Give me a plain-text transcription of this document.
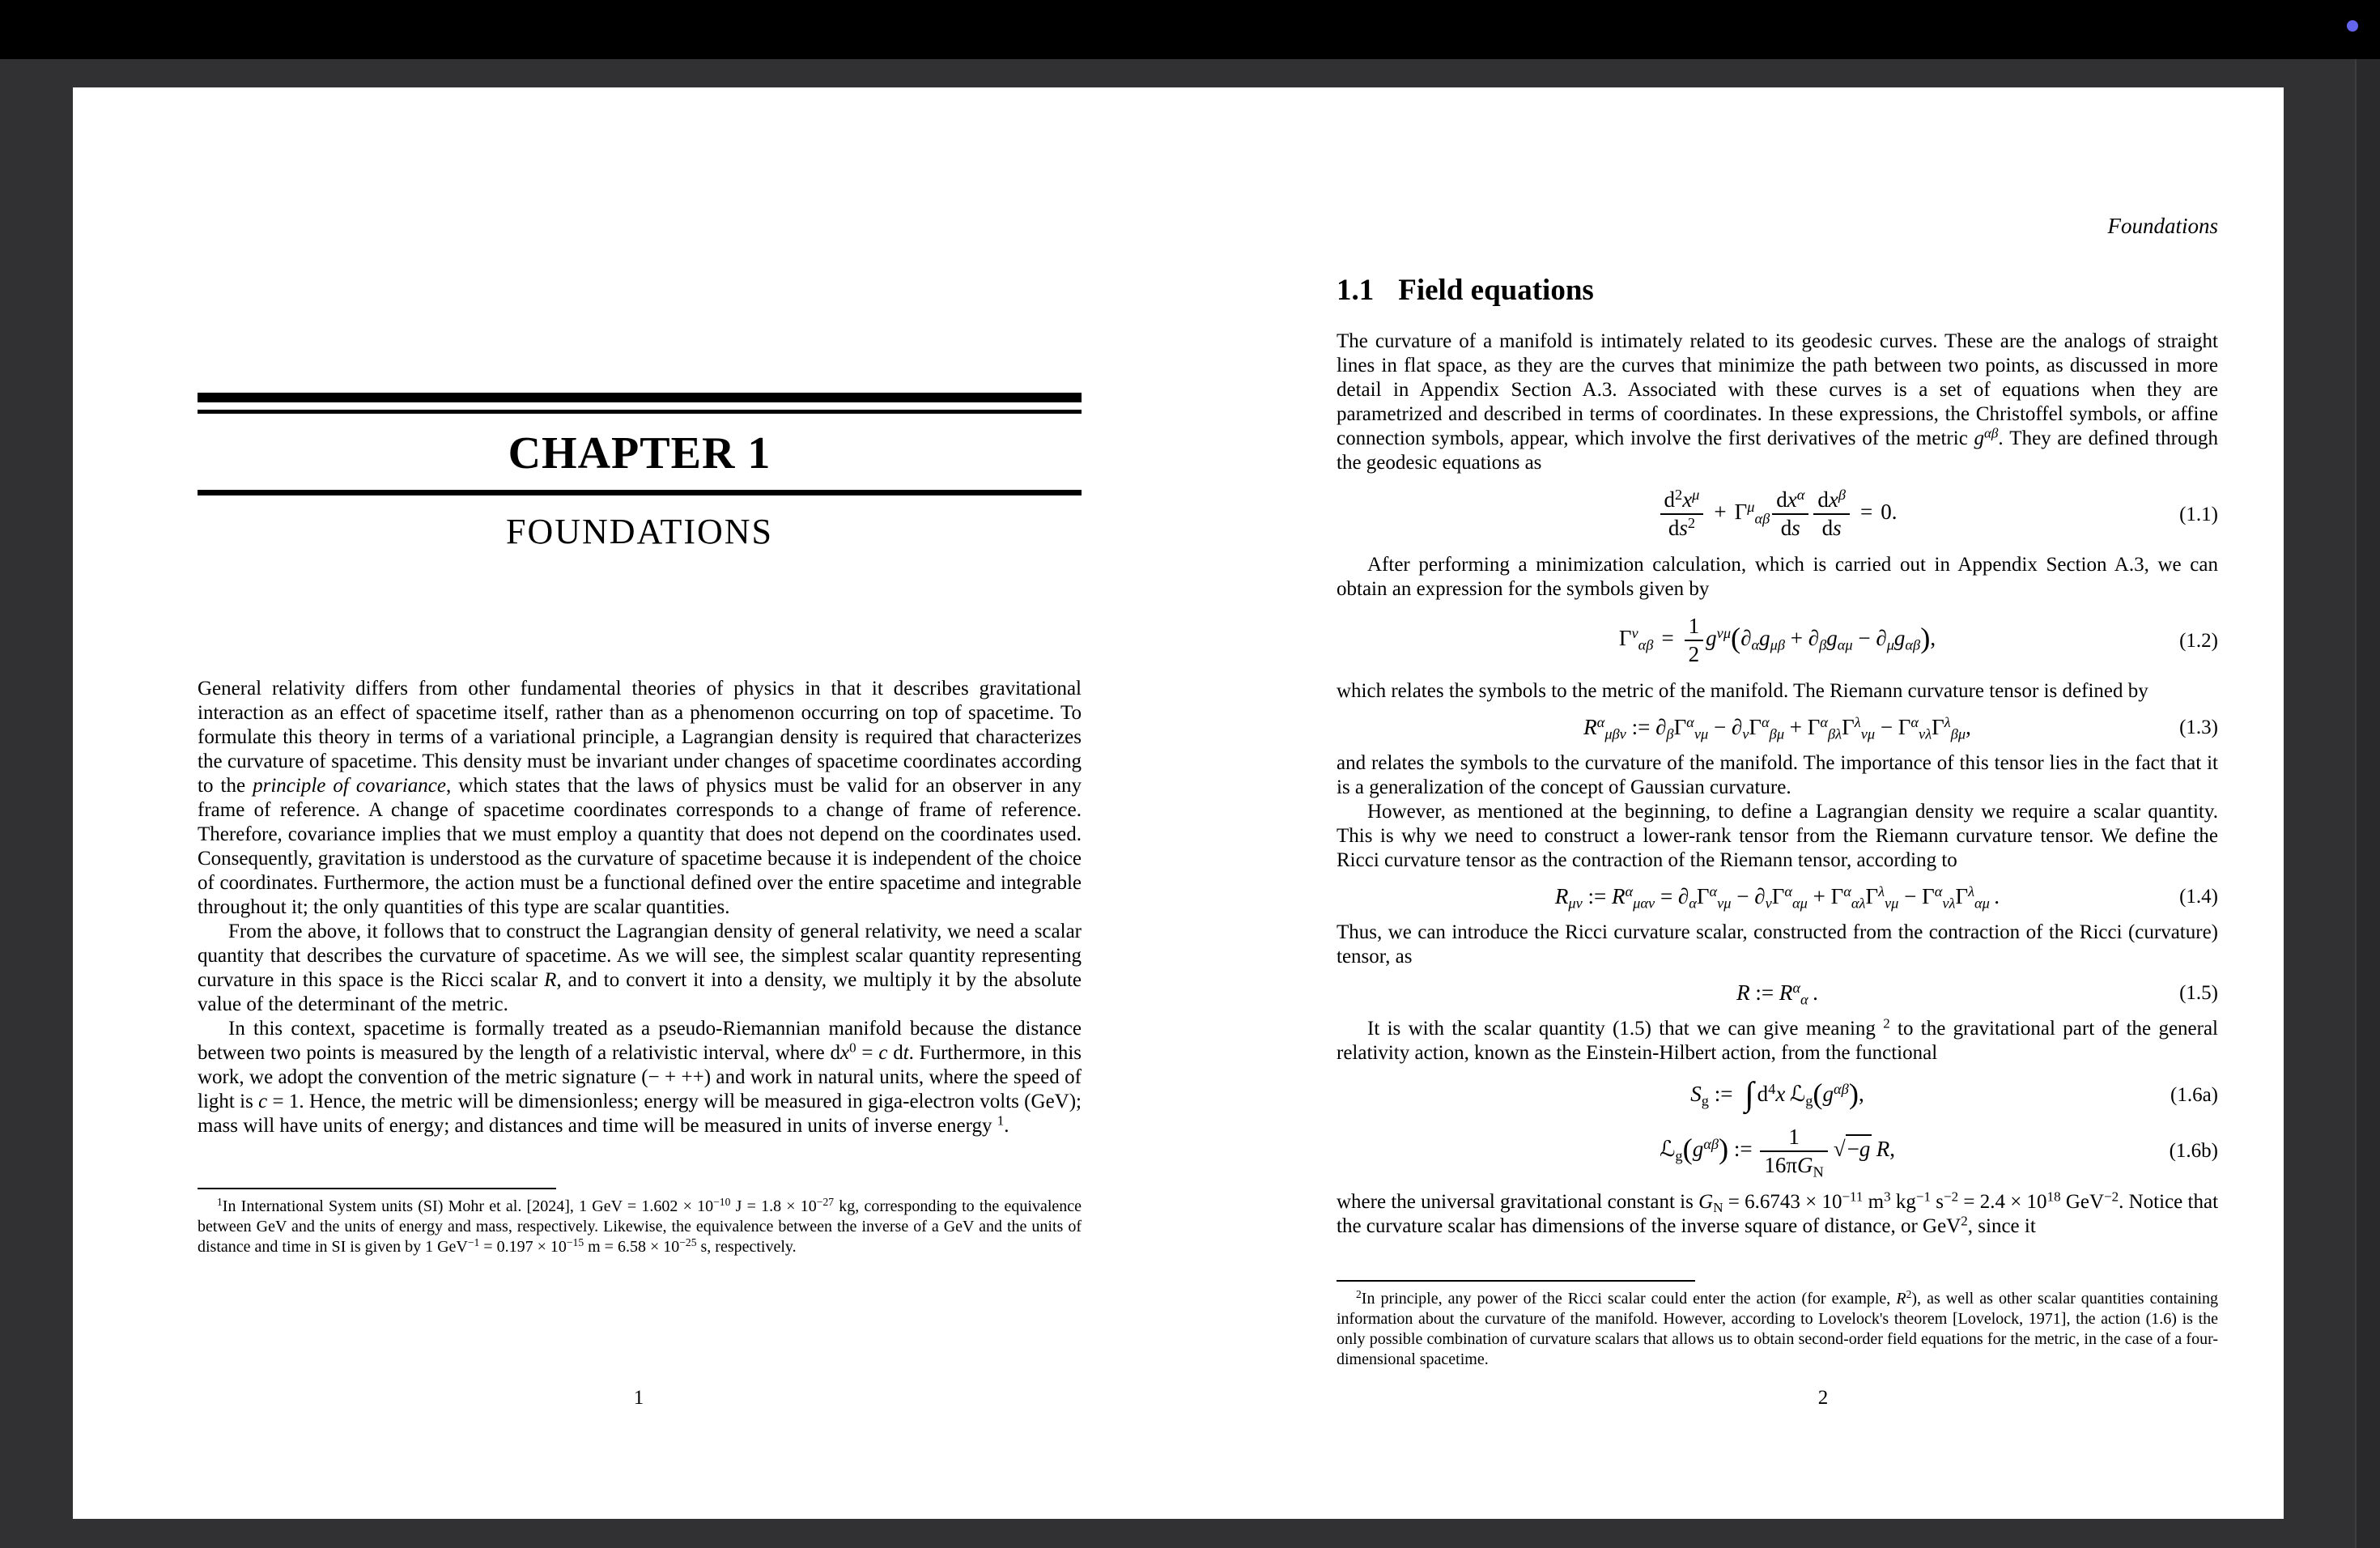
CHAPTER 1
FOUNDATIONS

General relativity differs from other fundamental theories of physics in that it describes gravitational interaction as an effect of spacetime itself, rather than as a phenomenon occurring on top of spacetime. To formulate this theory in terms of a variational principle, a Lagrangian density is required that characterizes the curvature of spacetime. This density must be invariant under changes of spacetime coordinates according to the principle of covariance, which states that the laws of physics must be valid for an observer in any frame of reference. A change of spacetime coordinates corresponds to a change of frame of reference. Therefore, covariance implies that we must employ a quantity that does not depend on the coordinates used. Consequently, gravitation is understood as the curvature of spacetime because it is independent of the choice of coordinates. Furthermore, the action must be a functional defined over the entire spacetime and integrable throughout it; the only quantities of this type are scalar quantities.

From the above, it follows that to construct the Lagrangian density of general relativity, we need a scalar quantity that describes the curvature of spacetime. As we will see, the simplest scalar quantity representing curvature in this space is the Ricci scalar R, and to convert it into a density, we multiply it by the absolute value of the determinant of the metric.

In this context, spacetime is formally treated as a pseudo-Riemannian manifold because the distance between two points is measured by the length of a relativistic interval, where $dx^0 = c$ dt. Furthermore, in this work, we adopt the convention of the metric signature (− + ++) and work in natural units, where the speed of light is c = 1. Hence, the metric will be dimensionless; energy will be measured in giga-electron volts (GeV); mass will have units of energy; and distances and time will be measured in units of inverse energy $^1$.

$^1$In International System units (SI) Mohr et al. [2024], 1 GeV = $1.602 \times 10^{-10}$ $J = 1.8 \times 10^{-27}$ kg, corresponding to the equivalence between GeV and the units of energy and mass, respectively. Likewise, the equivalence between the inverse of a GeV and the units of distance and time in SI is given by 1 $GeV^{-1} = 0.197 \times 10^{-15}$ $m = 6.58 \times 10^{-25}$ s, respectively.

Foundations
1.1 Field equations

The curvature of a manifold is intimately related to its geodesic curves. These are the analogs of straight lines in flat space, as they are the curves that minimize the path between two points, as discussed in more detail in Appendix Section A.3. Associated with these curves is a set of equations when they are parametrized and described in terms of coordinates. In these expressions, the Christoffel symbols, or affine connection symbols, appear, which involve the first derivatives of the metric $g^{\alpha\beta}$. They are defined through the geodesic equations as

$\frac{d^2x^\mu}{ds^2} + \Gamma^\mu_{\alpha\beta} \frac{dx^\alpha}{ds} \frac{dx^\beta}{ds} = 0$.	(1.1)

After performing a minimization calculation, which is carried out in Appendix Section A.3, we can obtain an expression for the symbols given by

$\Gamma^\nu_{\alpha\beta} = \frac{1}{2} g^{\nu\mu}(\partial_\alpha g_{\mu\beta} + \partial_\beta g_{\alpha\mu} - \partial_\mu g_{\alpha\beta})$,	(1.2)

which relates the symbols to the metric of the manifold. The Riemann curvature tensor is defined by

$R^\alpha_{\mu\beta\nu}$ := $\partial_\beta\Gamma^\alpha_{\nu\mu} - \partial_\nu\Gamma^\alpha_{\beta\mu} + \Gamma^\alpha_{\beta\lambda}\Gamma^\lambda_{\nu\mu} - \Gamma^\alpha_{\nu\lambda}\Gamma^\lambda_{\beta\mu}$,	(1.3)

and relates the symbols to the curvature of the manifold. The importance of this tensor lies in the fact that it is a generalization of the concept of Gaussian curvature.

However, as mentioned at the beginning, to define a Lagrangian density we require a scalar quantity. This is why we need to construct a lower-rank tensor from the Riemann curvature tensor. We define the Ricci curvature tensor as the contraction of the Riemann tensor, according to

$R_{\mu\nu}$ := $R^\alpha_{\mu\alpha\nu} = \partial_\alpha\Gamma^\alpha_{\nu\mu} - \partial_\nu\Gamma^\alpha_{\alpha\mu} + \Gamma^\alpha_{\alpha\lambda}\Gamma^\lambda_{\nu\mu} - \Gamma^\alpha_{\nu\lambda}\Gamma^\lambda_{\alpha\mu}$ .	(1.4)

Thus, we can introduce the Ricci curvature scalar, constructed from the contraction of the Ricci (curvature) tensor, as

R := $R^\alpha_\alpha$ .	(1.5)

It is with the scalar quantity (1.5) that we can give meaning $^2$ to the gravitational part of the general relativity action, known as the Einstein-Hilbert action, from the functional

$S_g$ := ∫ $d^4x$ $ℒ_g(g^{\alpha\beta})$,	(1.6a)
$ℒ_g(g^{\alpha\beta})$ := $\frac{1}{16\pi G_N} √-g$  R,	(1.6b)

where the universal gravitational constant is $G_N = 6.6743 \times 10^{-11}$ $m^3$ $kg^{-1}$ $s^{-2} = 2.4 \times 10^{18}$ GeV$^{-2}$. Notice that the curvature scalar has dimensions of the inverse square of distance, or GeV$^2$, since it

$^2$In principle, any power of the Ricci scalar could enter the action (for example, $R^2$), as well as other scalar quantities containing information about the curvature of the manifold. However, according to Lovelock's theorem [Lovelock, 1971], the action (1.6) is the only possible combination of curvature scalars that allows us to obtain second-order field equations for the metric, in the case of a four-dimensional spacetime.

1	2
